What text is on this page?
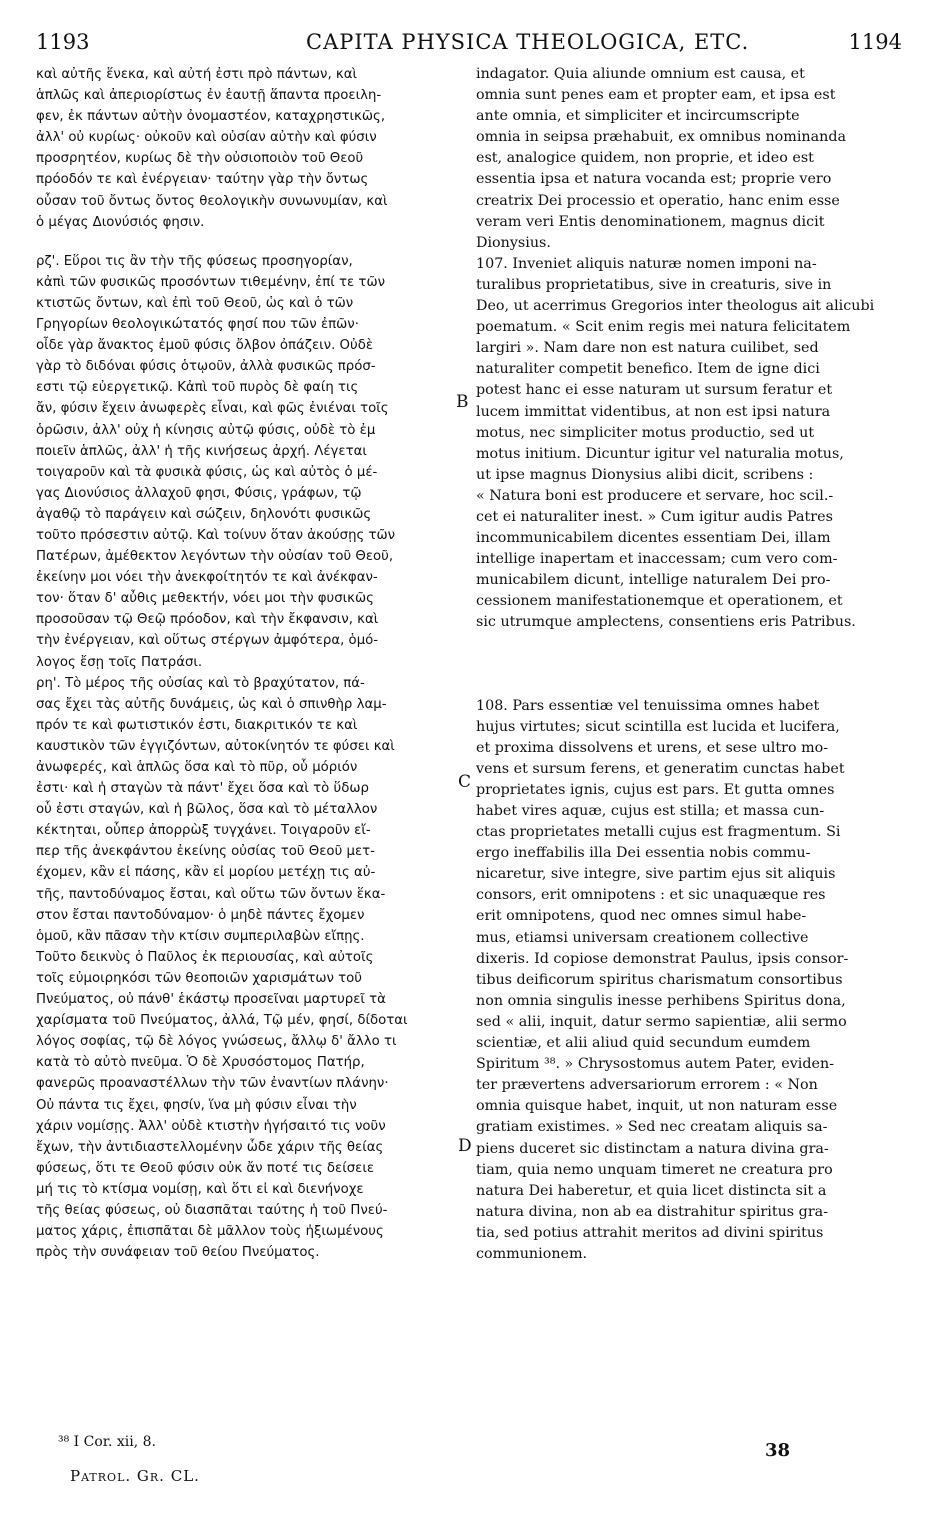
1193	CAPITA PHYSICA THEOLOGICA, ETC.	1194

καὶ αὐτῆς ἕνεκα, καὶ αὐτή ἐστι πρὸ πάντων, καὶ

ἁπλῶς καὶ ἀπεριορίστως ἐν ἑαυτῇ ἅπαντα προειλη-

φεν, ἐκ πάντων αὐτὴν ὀνομαστέον, καταχρηστικῶς,

ἀλλ' οὐ κυρίως· οὐκοῦν καὶ οὐσίαν αὐτὴν καὶ φύσιν

προσρητέον, κυρίως δὲ τὴν οὐσιοποιὸν τοῦ Θεοῦ

πρόοδόν τε καὶ ἐνέργειαν· ταύτην γὰρ τὴν ὄντως

οὖσαν τοῦ ὄντως ὄντος θεολογικὴν συνωνυμίαν, καὶ

ὁ μέγας Διονύσιός φησιν.

ρζ'. Εὕροι τις ἂν τὴν τῆς φύσεως προσηγορίαν,

κἀπὶ τῶν φυσικῶς προσόντων τιθεμένην, ἐπί τε τῶν

κτιστῶς ὄντων, καὶ ἐπὶ τοῦ Θεοῦ, ὡς καὶ ὁ τῶν

Γρηγορίων θεολογικώτατός φησί που τῶν ἐπῶν·

οἶδε γὰρ ἄνακτος ἐμοῦ φύσις ὄλβον ὀπάζειν. Οὐδὲ

γὰρ τὸ διδόναι φύσις ὁτῳοῦν, ἀλλὰ φυσικῶς πρόσ-

εστι τῷ εὐεργετικῷ. Κἀπὶ τοῦ πυρὸς δὲ φαίη τις

ἄν, φύσιν ἔχειν ἀνωφερὲς εἶναι, καὶ φῶς ἐνιέναι τοῖς

ὁρῶσιν, ἀλλ' οὐχ ἡ κίνησις αὐτῷ φύσις, οὐδὲ τὸ ἐμ

ποιεῖν ἁπλῶς, ἀλλ' ἡ τῆς κινήσεως ἀρχή. Λέγεται

τοιγαροῦν καὶ τὰ φυσικὰ φύσις, ὡς καὶ αὐτὸς ὁ μέ-

γας Διονύσιος ἀλλαχοῦ φησι, Φύσις, γράφων, τῷ

ἀγαθῷ τὸ παράγειν καὶ σώζειν, δηλονότι φυσικῶς

τοῦτο πρόσεστιν αὐτῷ. Καὶ τοίνυν ὅταν ἀκούσῃς τῶν

Πατέρων, ἀμέθεκτον λεγόντων τὴν οὐσίαν τοῦ Θεοῦ,

ἐκείνην μοι νόει τὴν ἀνεκφοίτητόν τε καὶ ἀνέκφαν-

τον· ὅταν δ' αὖθις μεθεκτήν, νόει μοι τὴν φυσικῶς

προσοῦσαν τῷ Θεῷ πρόοδον, καὶ τὴν ἔκφανσιν, καὶ

τὴν ἐνέργειαν, καὶ οὕτως στέργων ἀμφότερα, ὁμό-

λογος ἔσῃ τοῖς Πατράσι.

ρη'. Τὸ μέρος τῆς οὐσίας καὶ τὸ βραχύτατον, πά-

σας ἔχει τὰς αὐτῆς δυνάμεις, ὡς καὶ ὁ σπινθὴρ λαμ-

πρόν τε καὶ φωτιστικόν ἐστι, διακριτικόν τε καὶ

καυστικὸν τῶν ἐγγιζόντων, αὐτοκίνητόν τε φύσει καὶ

ἀνωφερές, καὶ ἁπλῶς ὅσα καὶ τὸ πῦρ, οὗ μόριόν

ἐστι· καὶ ἡ σταγὼν τὰ πάντ' ἔχει ὅσα καὶ τὸ ὕδωρ

οὗ ἐστι σταγών, καὶ ἡ βῶλος, ὅσα καὶ τὸ μέταλλον

κέκτηται, οὗπερ ἀπορρὼξ τυγχάνει. Τοιγαροῦν εἴ-

περ τῆς ἀνεκφάντου ἐκείνης οὐσίας τοῦ Θεοῦ μετ-

έχομεν, κἂν εἰ πάσης, κἂν εἰ μορίου μετέχῃ τις αὐ-

τῆς, παντοδύναμος ἔσται, καὶ οὕτω τῶν ὄντων ἕκα-

στον ἔσται παντοδύναμον· ὁ μηδὲ πάντες ἔχομεν

ὁμοῦ, κἂν πᾶσαν τὴν κτίσιν συμπεριλαβὼν εἴπῃς.

Τοῦτο δεικνὺς ὁ Παῦλος ἐκ περιουσίας, καὶ αὐτοῖς

τοῖς εὐμοιρηκόσι τῶν θεοποιῶν χαρισμάτων τοῦ

Πνεύματος, οὐ πάνθ' ἑκάστῳ προσεῖναι μαρτυρεῖ τὰ

χαρίσματα τοῦ Πνεύματος, ἀλλά, Τῷ μέν, φησί, δίδοται

λόγος σοφίας, τῷ δὲ λόγος γνώσεως, ἄλλῳ δ' ἄλλο τι

κατὰ τὸ αὐτὸ πνεῦμα. Ὁ δὲ Χρυσόστομος Πατήρ,

φανερῶς προαναστέλλων τὴν τῶν ἐναντίων πλάνην·

Οὐ πάντα τις ἔχει, φησίν, ἵνα μὴ φύσιν εἶναι τὴν

χάριν νομίσῃς. Ἀλλ' οὐδὲ κτιστὴν ἡγήσαιτό τις νοῦν

ἔχων, τὴν ἀντιδιαστελλομένην ὧδε χάριν τῆς θείας

φύσεως, ὅτι τε Θεοῦ φύσιν οὐκ ἄν ποτέ τις δείσειε

μή τις τὸ κτίσμα νομίσῃ, καὶ ὅτι εἰ καὶ διενήνοχε

τῆς θείας φύσεως, οὐ διασπᾶται ταύτης ἡ τοῦ Πνεύ-

ματος χάρις, ἐπισπᾶται δὲ μᾶλλον τοὺς ἠξιωμένους

πρὸς τὴν συνάφειαν τοῦ θείου Πνεύματος.

indagator. Quia aliunde omnium est causa, et

omnia sunt penes eam et propter eam, et ipsa est

ante omnia, et simpliciter et incircumscripte

omnia in seipsa præhabuit, ex omnibus nominanda

est, analogice quidem, non proprie, et ideo est

essentia ipsa et natura vocanda est; proprie vero

creatrix Dei processio et operatio, hanc enim esse

veram veri Entis denominationem, magnus dicit

Dionysius.

107. Inveniet aliquis naturæ nomen imponi na-

turalibus proprietatibus, sive in creaturis, sive in

Deo, ut acerrimus Gregorios inter theologus ait alicubi

poematum. « Scit enim regis mei natura felicitatem

largiri ». Nam dare non est natura cuilibet, sed

naturaliter competit benefico. Item de igne dici

potest hanc ei esse naturam ut sursum feratur et

lucem immittat videntibus, at non est ipsi natura

motus, nec simpliciter motus productio, sed ut

motus initium. Dicuntur igitur vel naturalia motus,

ut ipse magnus Dionysius alibi dicit, scribens :

« Natura boni est producere et servare, hoc scil.-

cet ei naturaliter inest. » Cum igitur audis Patres

incommunicabilem dicentes essentiam Dei, illam

intellige inapertam et inaccessam; cum vero com-

municabilem dicunt, intellige naturalem Dei pro-

cessionem manifestationemque et operationem, et

sic utrumque amplectens, consentiens eris Patribus.

108. Pars essentiæ vel tenuissima omnes habet

hujus virtutes; sicut scintilla est lucida et lucifera,

et proxima dissolvens et urens, et sese ultro mo-

vens et sursum ferens, et generatim cunctas habet

proprietates ignis, cujus est pars. Et gutta omnes

habet vires aquæ, cujus est stilla; et massa cun-

ctas proprietates metalli cujus est fragmentum. Si

ergo ineffabilis illa Dei essentia nobis commu-

nicaretur, sive integre, sive partim ejus sit aliquis

consors, erit omnipotens : et sic unaquæque res

erit omnipotens, quod nec omnes simul habe-

mus, etiamsi universam creationem collective

dixeris. Id copiose demonstrat Paulus, ipsis consor-

tibus deificorum spiritus charismatum consortibus

non omnia singulis inesse perhibens Spiritus dona,

sed « alii, inquit, datur sermo sapientiæ, alii sermo

scientiæ, et alii aliud quid secundum eumdem

Spiritum ³⁸. » Chrysostomus autem Pater, eviden-

ter prævertens adversariorum errorem : « Non

omnia quisque habet, inquit, ut non naturam esse

gratiam existimes. » Sed nec creatam aliquis sa-

piens duceret sic distinctam a natura divina gra-

tiam, quia nemo unquam timeret ne creatura pro

natura Dei haberetur, et quia licet distincta sit a

natura divina, non ab ea distrahitur spiritus gra-

tia, sed potius attrahit meritos ad divini spiritus

communionem.

B
C
D
³⁸ I Cor. xii, 8.
Patrol. Gr. CL.
38
